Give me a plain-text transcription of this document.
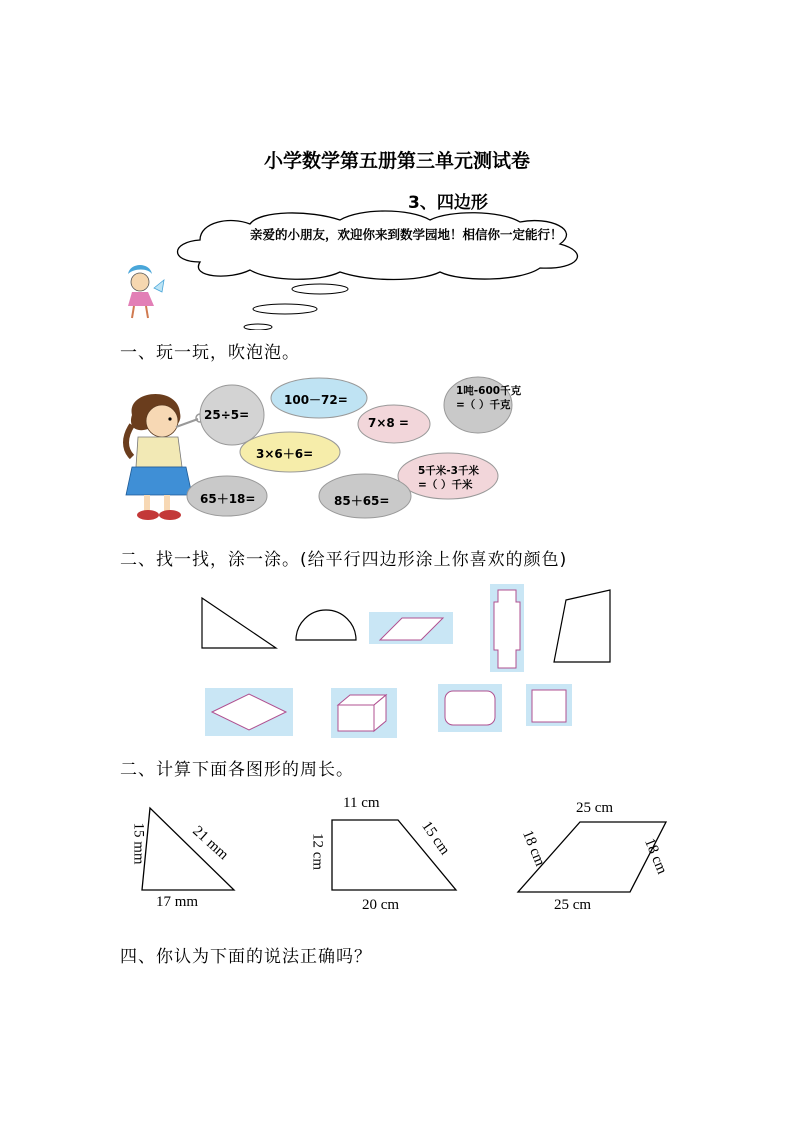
小学数学第五册第三单元测试卷
3、四边形
亲爱的小朋友，欢迎你来到数学园地！相信你一定能行！
一、玩一玩，吹泡泡。
25÷5=
100－72=
7×8 =
1吨-600千克
=（ ）千克
3×6＋6=
5千米-3千米
=（ ）千米
65＋18=	85＋65=
二、找一找，涂一涂。(给平行四边形涂上你喜欢的颜色)
二、计算下面各图形的周长。
15 mm	21 mm
17 mm
11 cm
12 cm	15 cm
20 cm
25 cm
18 cm	18 cm
25 cm
四、你认为下面的说法正确吗？
